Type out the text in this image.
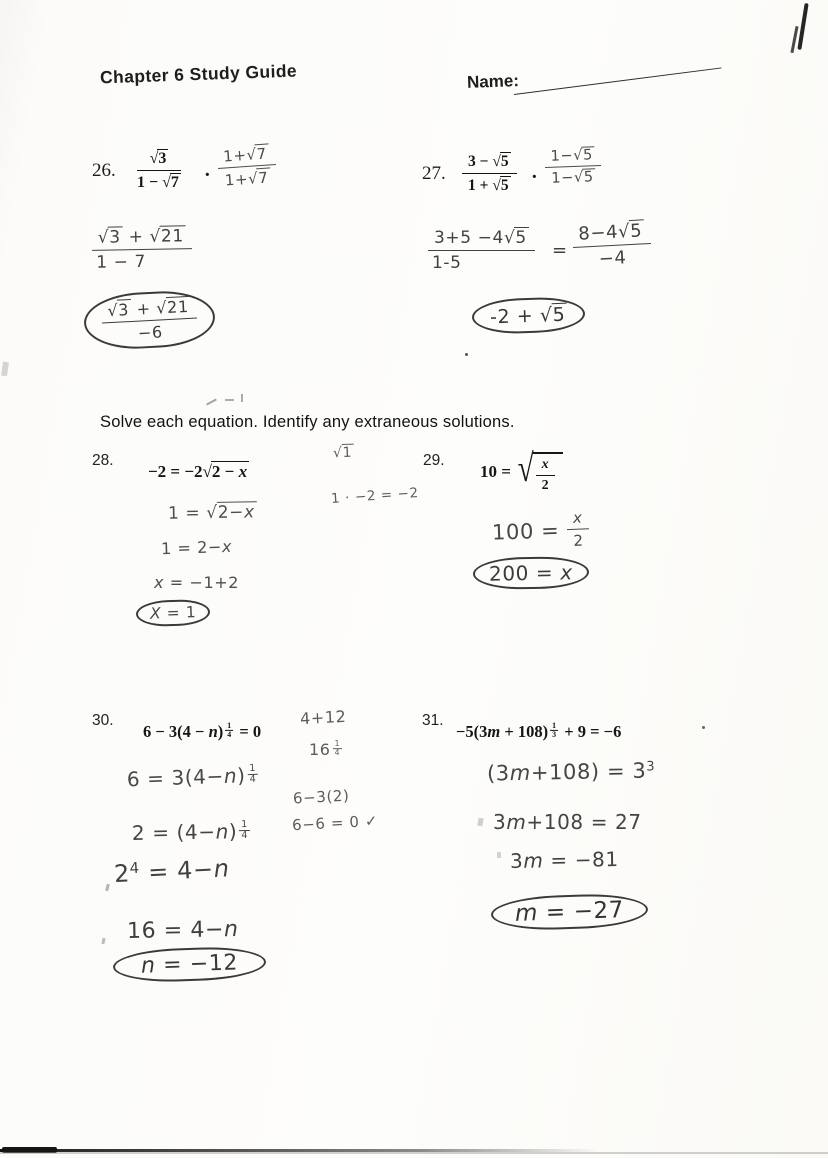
Chapter 6 Study Guide	Name:
26. $\frac{√3}{1 - √7} \cdot \frac{1+√7}{1+√7}$
$\frac{√3 + √21}{1 - 7}$
$\frac{√3 + √21}{-6}$
27. $\frac{3 - √5}{1 + √5} \cdot \frac{1-√5}{1-√5}$
$\frac{3+5 -4√5}{1-5} = \frac{8-4√5}{-4}$
-2 + √5
Solve each equation. Identify any extraneous solutions.
28.
−2 = −2√2 − x
√1
1 · −2 = −2
1 = √2−x
1 = 2−x
x = −1+2
X = 1
29.
10 = √ $\frac{x}{2}$
$100 = \frac{x}{2}$
200 = x
30.
$6 - 3(4 - n) \frac{1}{4} = 0$
4+12
$16 \frac{1}{4}$
6−3(2)
6−6 = 0 ✓
$6 = 3(4-n) \frac{1}{4}$
$2 = (4-n) \frac{1}{4}$
$2^4 = 4-n$
16 = 4−n
n = −12
31.
$-5(3m + 108) \frac{1}{3} + 9 = -6$
$(3m+108) = 3^3$
3m+108 = 27
3m = −81
m = −27
